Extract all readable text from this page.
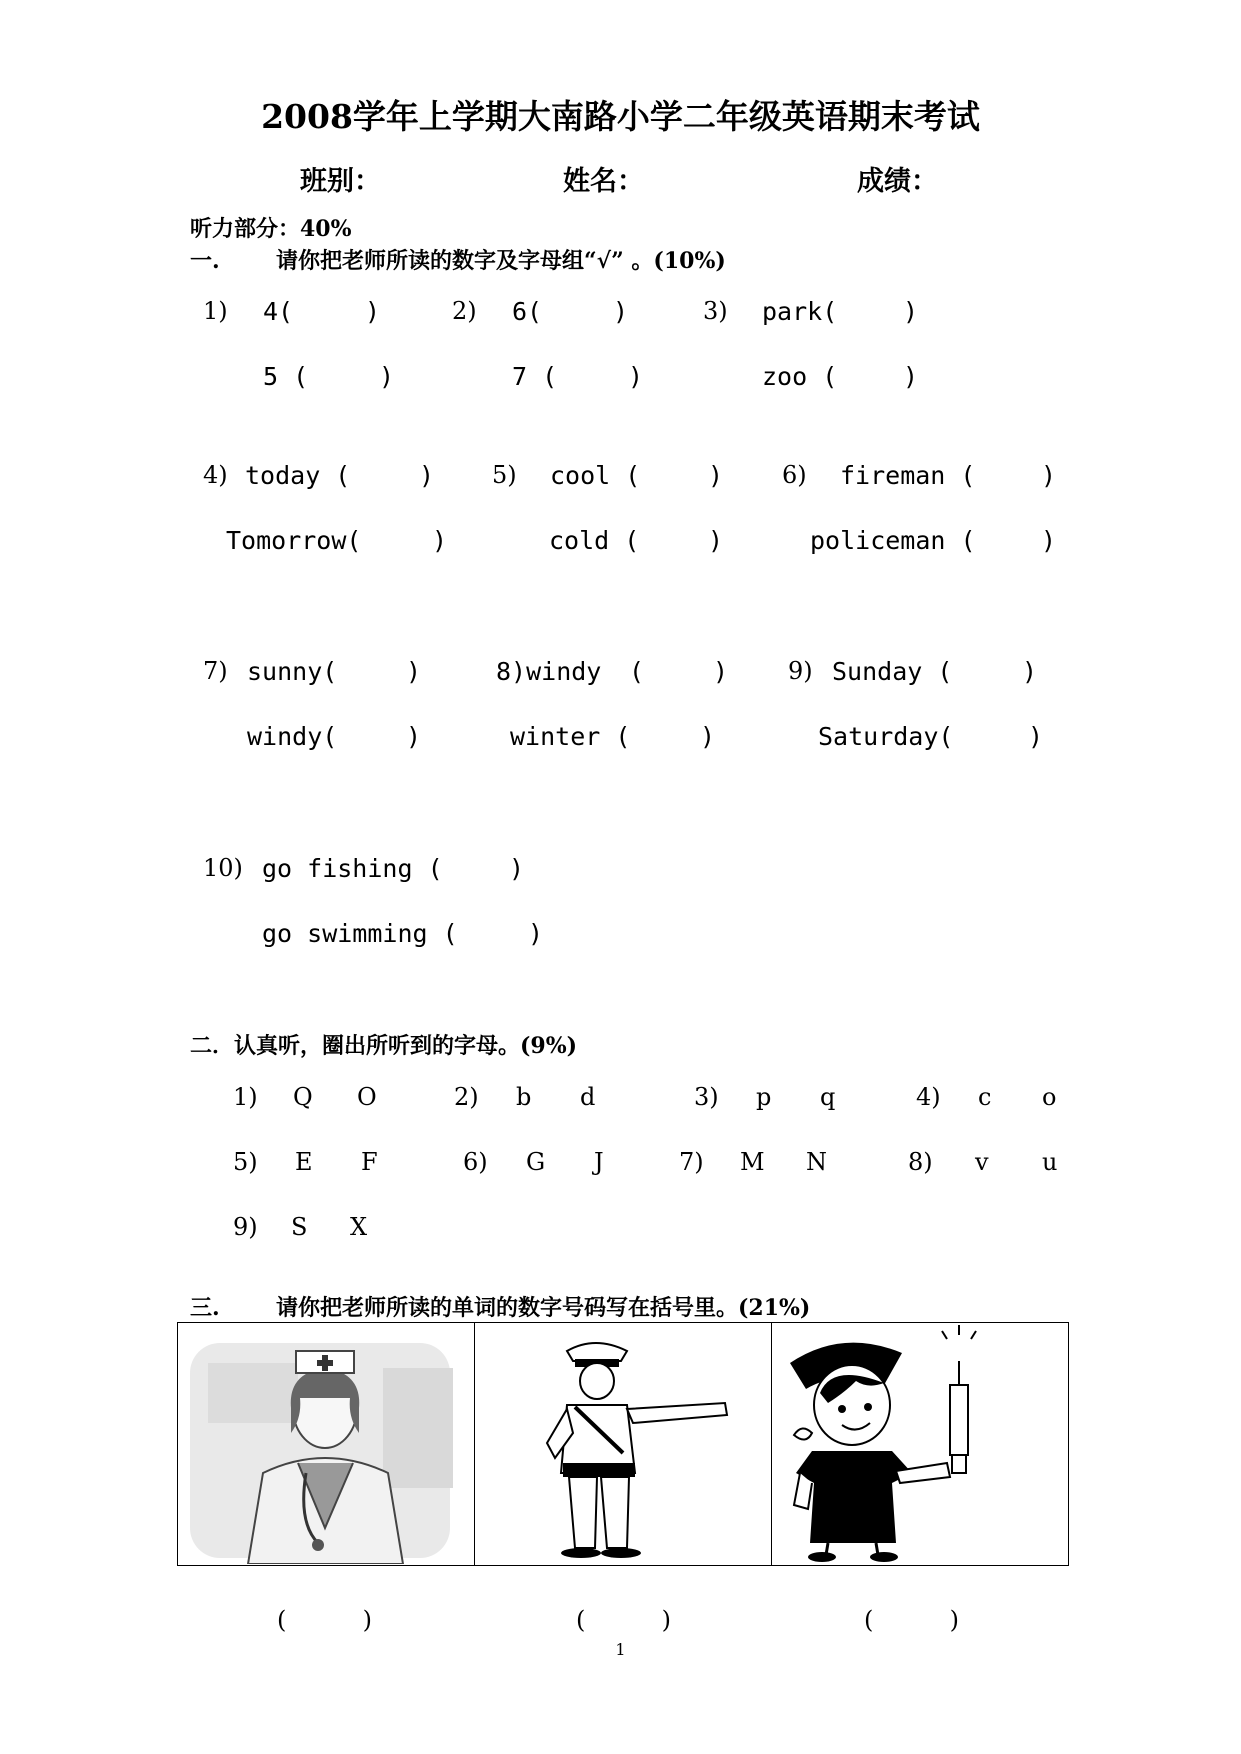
2008学年上学期大南路小学二年级英语期末考试
班别：	姓名：	成绩：
听力部分：40%
一.	请你把老师所读的数字及字母组“√” 。(10%)
1) 4(	)
5 (	)
2) 6(	)
7 (	)
3) park(	)
zoo (	)
4) today (	)
Tomorrow(	)
5) cool (	)
cold (	)
6) fireman (	)
policeman (	)
7) sunny(	)
windy(	)
8)windy (	)
winter (	)
9) Sunday (	)
Saturday(	)
10) go fishing (	)
go swimming (	)
二．认真听，圈出所听到的字母。(9%)
1) Q O	2) b d	3) p q	4) c o
5) E F	6) G J	7) M N	8) v u
9) S X
三.	请你把老师所读的单词的数字号码写在括号里。(21%)
(          )	(          )	(          )
1
